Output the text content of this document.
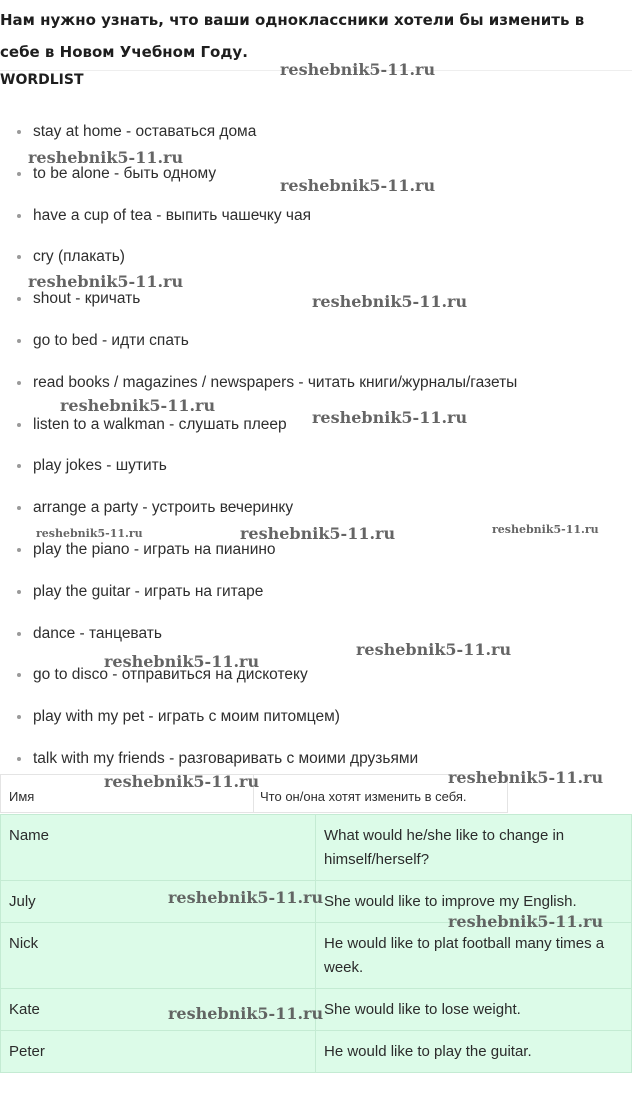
Нам нужно узнать, что ваши одноклассники хотели бы изменить в себе в Новом Учебном Году.
WORDLIST
stay at home - оставаться дома
to be alone - быть одному
have a cup of tea - выпить чашечку чая
cry (плакать)
shout - кричать
go to bed - идти спать
read books / magazines / newspapers - читать книги/журналы/газеты
listen to a walkman - слушать плеер
play jokes - шутить
arrange a party - устроить вечеринку
play the piano - играть на пианино
play the guitar - играть на гитаре
dance - танцевать
go to disco - отправиться на дискотеку
play with my pet - играть с моим питомцем)
talk with my friends - разговаривать с моими друзьями
Имя	Что он/она хотят изменить в себя.
Name	What would he/she like to change in himself/herself?
July	She would like to improve my English.
Nick	He would like to plat football many times a week.
Kate	She would like to lose weight.
Peter	He would like to play the guitar.
reshebnik5-11.ru
reshebnik5-11.ru
reshebnik5-11.ru
reshebnik5-11.ru
reshebnik5-11.ru
reshebnik5-11.ru
reshebnik5-11.ru
reshebnik5-11.ru	reshebnik5-11.ru	reshebnik5-11.ru
reshebnik5-11.ru
reshebnik5-11.ru
reshebnik5-11.ru	reshebnik5-11.ru
reshebnik5-11.ru
reshebnik5-11.ru
reshebnik5-11.ru
